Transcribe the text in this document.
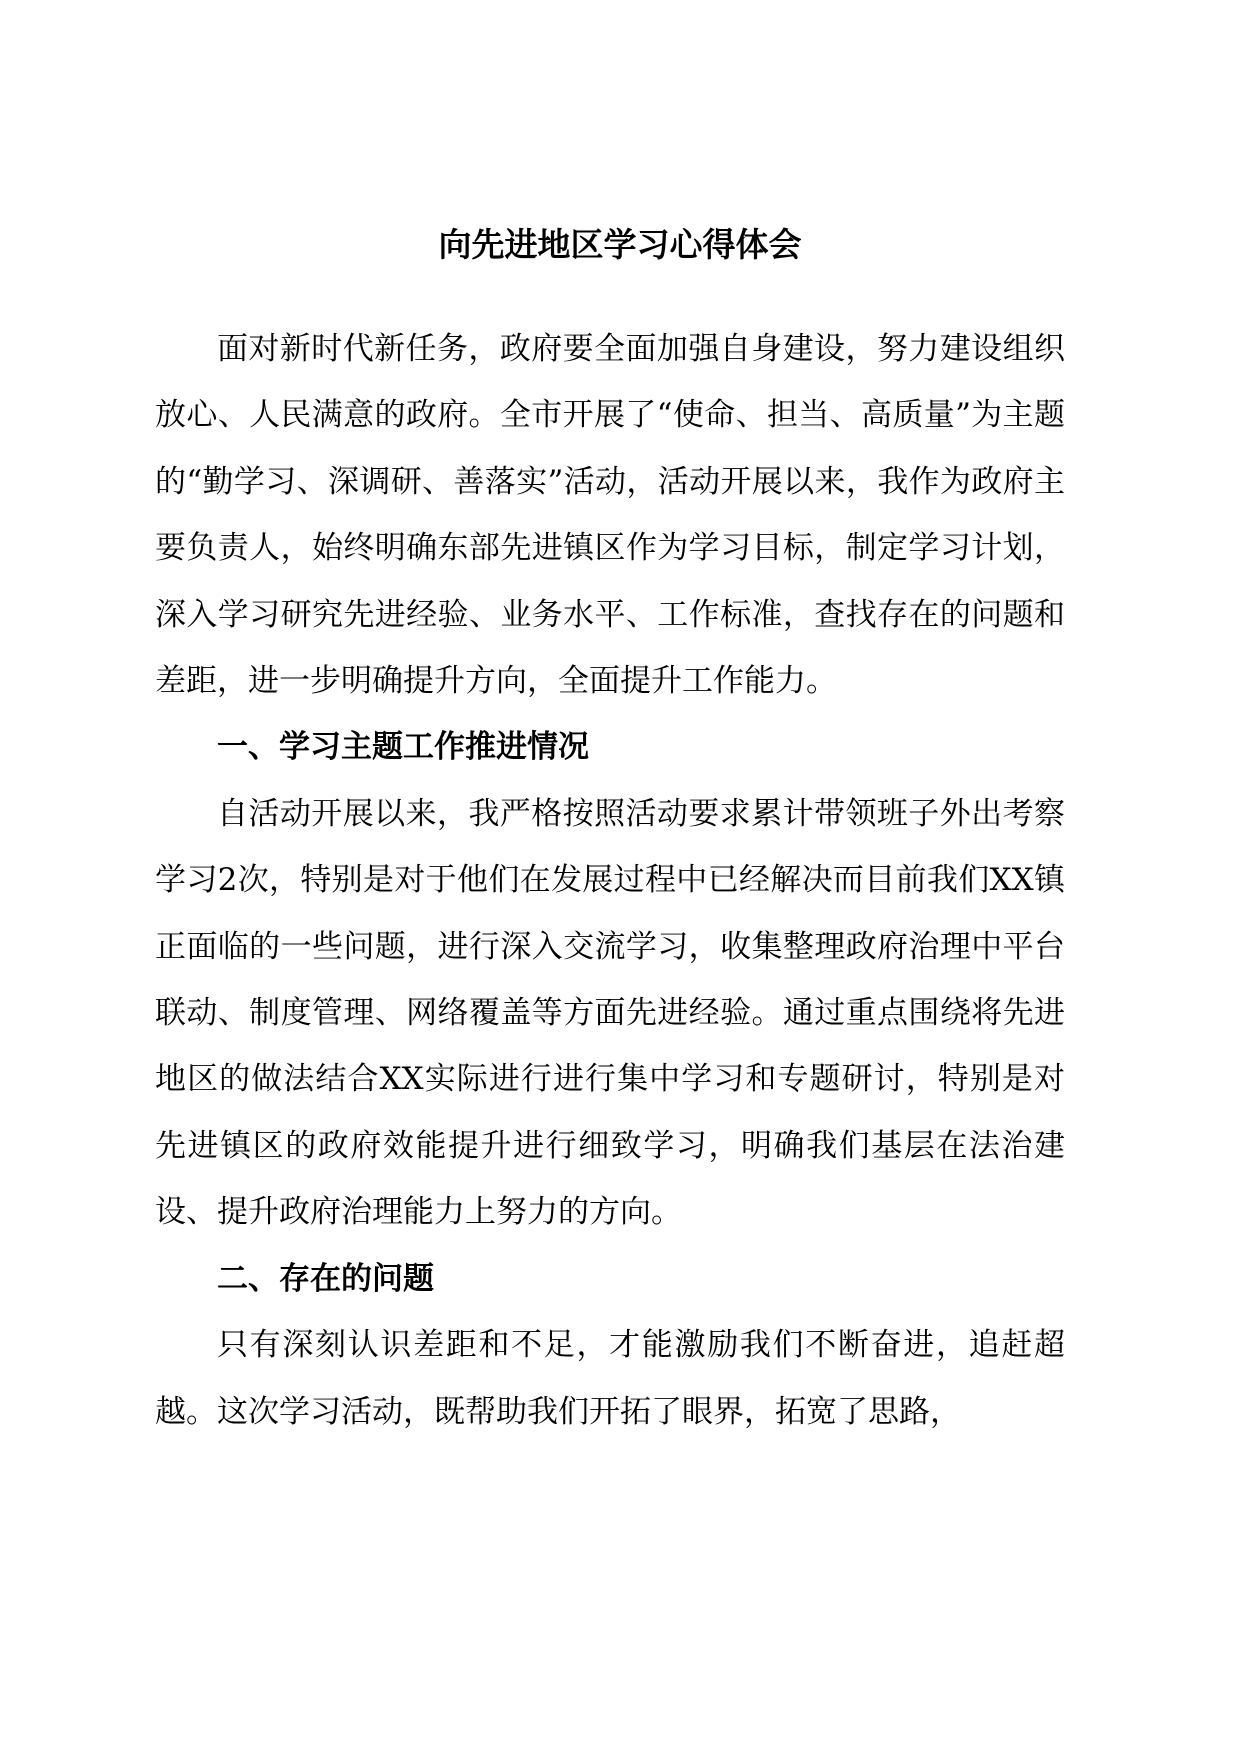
向先进地区学习心得体会

面对新时代新任务，政府要全面加强自身建设，努力建设组织放心、人民满意的政府。全市开展了“使命、担当、高质量”为主题的“勤学习、深调研、善落实”活动，活动开展以来，我作为政府主要负责人，始终明确东部先进镇区作为学习目标，制定学习计划，深入学习研究先进经验、业务水平、工作标准，查找存在的问题和差距，进一步明确提升方向，全面提升工作能力。

一、学习主题工作推进情况

自活动开展以来，我严格按照活动要求累计带领班子外出考察学习2次，特别是对于他们在发展过程中已经解决而目前我们XX镇正面临的一些问题，进行深入交流学习，收集整理政府治理中平台联动、制度管理、网络覆盖等方面先进经验。通过重点围绕将先进地区的做法结合XX实际进行进行集中学习和专题研讨，特别是对先进镇区的政府效能提升进行细致学习，明确我们基层在法治建设、提升政府治理能力上努力的方向。

二、存在的问题

只有深刻认识差距和不足，才能激励我们不断奋进，追赶超越。这次学习活动，既帮助我们开拓了眼界，拓宽了思路，
